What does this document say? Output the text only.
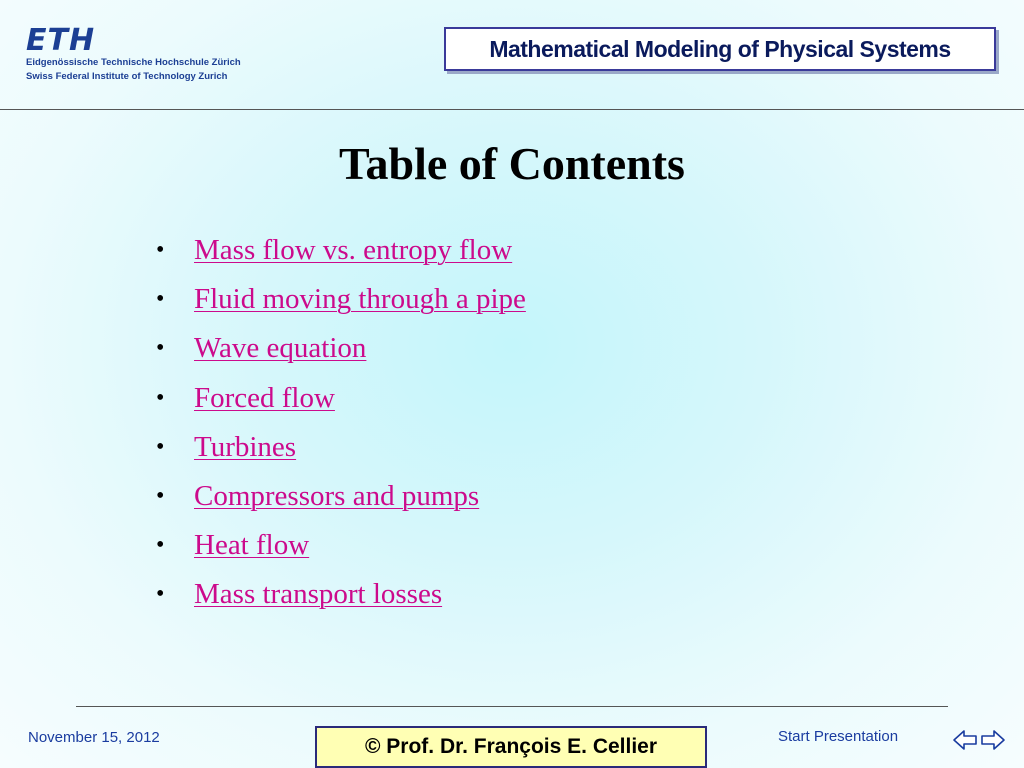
ETH
Eidgenössische Technische Hochschule Zürich
Swiss Federal Institute of Technology Zurich
Mathematical Modeling of Physical Systems
Table of Contents
•	Mass flow vs. entropy flow
•	Fluid moving through a pipe
•	Wave equation
•	Forced flow
•	Turbines
•	Compressors and pumps
•	Heat flow
•	Mass transport losses
November 15, 2012	© Prof. Dr. François E. Cellier	Start Presentation
